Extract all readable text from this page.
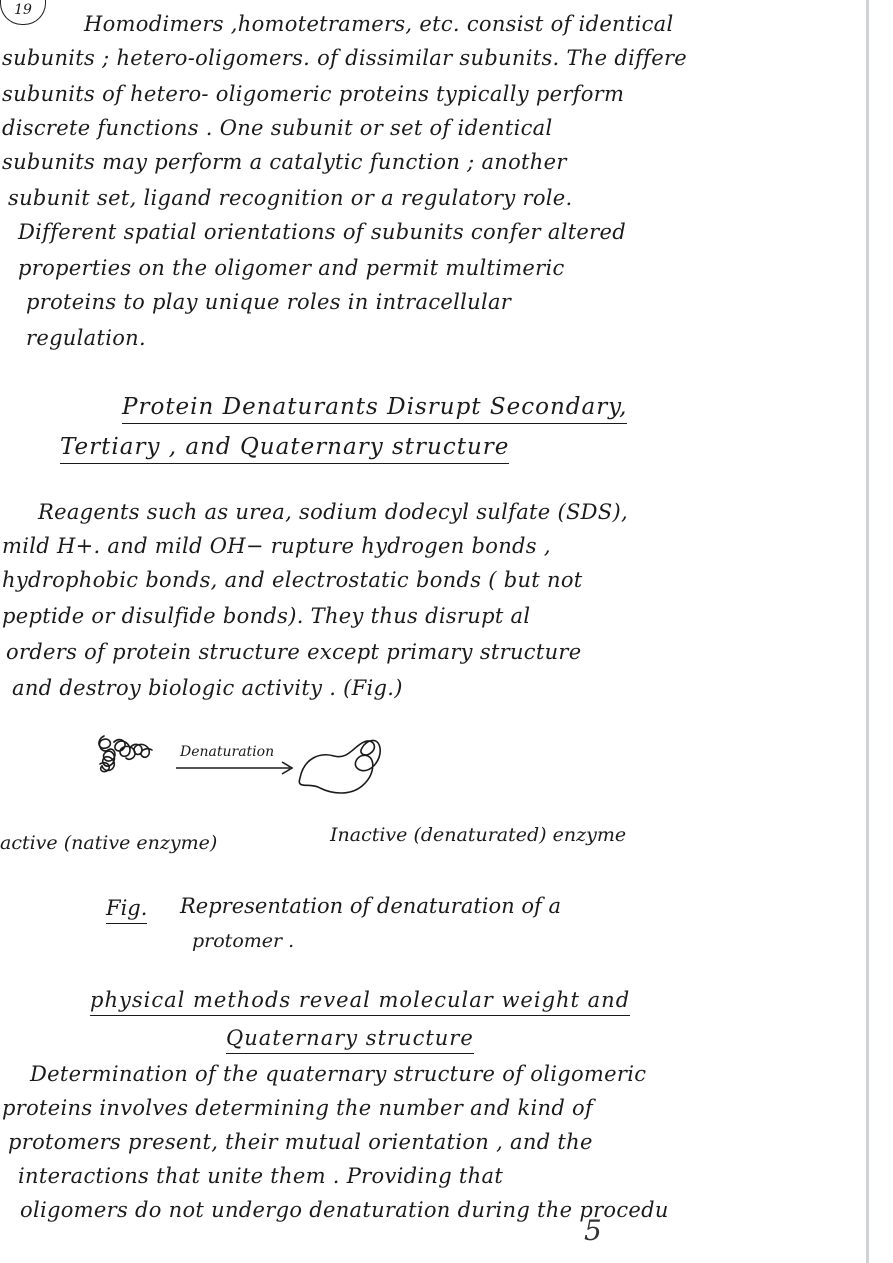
19

Homodimers ,homotetramers, etc. consist of identical

subunits ; hetero-oligomers. of dissimilar subunits. The differe

subunits of hetero- oligomeric proteins typically perform

discrete functions . One subunit or set of identical

subunits may perform a catalytic function ; another

subunit set, ligand recognition or a regulatory role.

Different spatial orientations of subunits confer altered

properties on the oligomer and permit multimeric

proteins to play unique roles in intracellular

regulation.

Protein Denaturants Disrupt Secondary,

Tertiary , and Quaternary structure

Reagents such as urea, sodium dodecyl sulfate (SDS),

mild H+. and mild OH− rupture hydrogen bonds ,

hydrophobic bonds, and electrostatic bonds ( but not

peptide or disulfide bonds). They thus disrupt al

orders of protein structure except primary structure

and destroy biologic activity . (Fig.)

Denaturation
active (native enzyme)	Inactive (denaturated) enzyme
Fig. Representation of denaturation of a
protomer .

physical methods reveal molecular weight and

Quaternary structure

Determination of the quaternary structure of oligomeric

proteins involves determining the number and kind of

protomers present, their mutual orientation , and the

interactions that unite them . Providing that

oligomers do not undergo denaturation during the procedu

5
